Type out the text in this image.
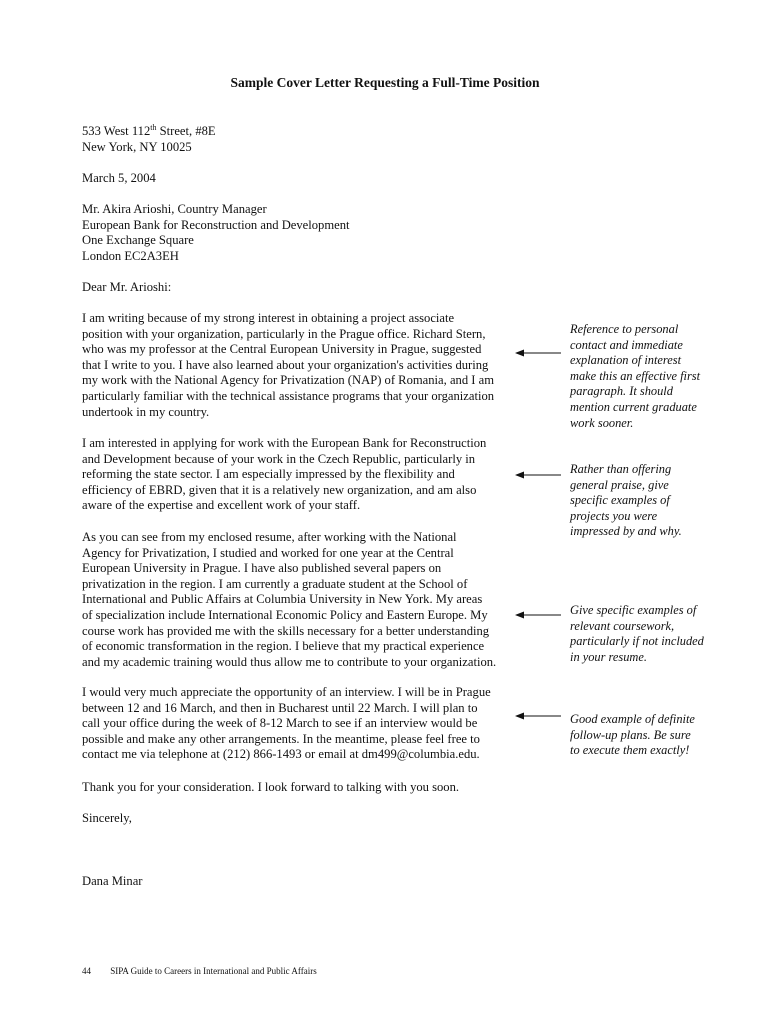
Sample Cover Letter Requesting a Full-Time Position
533 West 112th Street, #8E
New York, NY 10025
March 5, 2004
Mr. Akira Arioshi, Country Manager
European Bank for Reconstruction and Development
One Exchange Square
London EC2A3EH
Dear Mr. Arioshi:
I am writing because of my strong interest in obtaining a project associate
position with your organization, particularly in the Prague office. Richard Stern,
who was my professor at the Central European University in Prague, suggested
that I write to you. I have also learned about your organization's activities during
my work with the National Agency for Privatization (NAP) of Romania, and I am
particularly familiar with the technical assistance programs that your organization
undertook in my country.
I am interested in applying for work with the European Bank for Reconstruction
and Development because of your work in the Czech Republic, particularly in
reforming the state sector. I am especially impressed by the flexibility and
efficiency of EBRD, given that it is a relatively new organization, and am also
aware of the expertise and excellent work of your staff.
As you can see from my enclosed resume, after working with the National
Agency for Privatization, I studied and worked for one year at the Central
European University in Prague. I have also published several papers on
privatization in the region. I am currently a graduate student at the School of
International and Public Affairs at Columbia University in New York. My areas
of specialization include International Economic Policy and Eastern Europe. My
course work has provided me with the skills necessary for a better understanding
of economic transformation in the region. I believe that my practical experience
and my academic training would thus allow me to contribute to your organization.
I would very much appreciate the opportunity of an interview. I will be in Prague
between 12 and 16 March, and then in Bucharest until 22 March. I will plan to
call your office during the week of 8-12 March to see if an interview would be
possible and make any other arrangements. In the meantime, please feel free to
contact me via telephone at (212) 866-1493 or email at dm499@columbia.edu.
Thank you for your consideration. I look forward to talking with you soon.
Sincerely,
Dana Minar
Reference to personal
contact and immediate
explanation of interest
make this an effective first
paragraph. It should
mention current graduate
work sooner.
Rather than offering
general praise, give
specific examples of
projects you were
impressed by and why.
Give specific examples of
relevant coursework,
particularly if not included
in your resume.
Good example of definite
follow-up plans. Be sure
to execute them exactly!
44 SIPA Guide to Careers in International and Public Affairs
